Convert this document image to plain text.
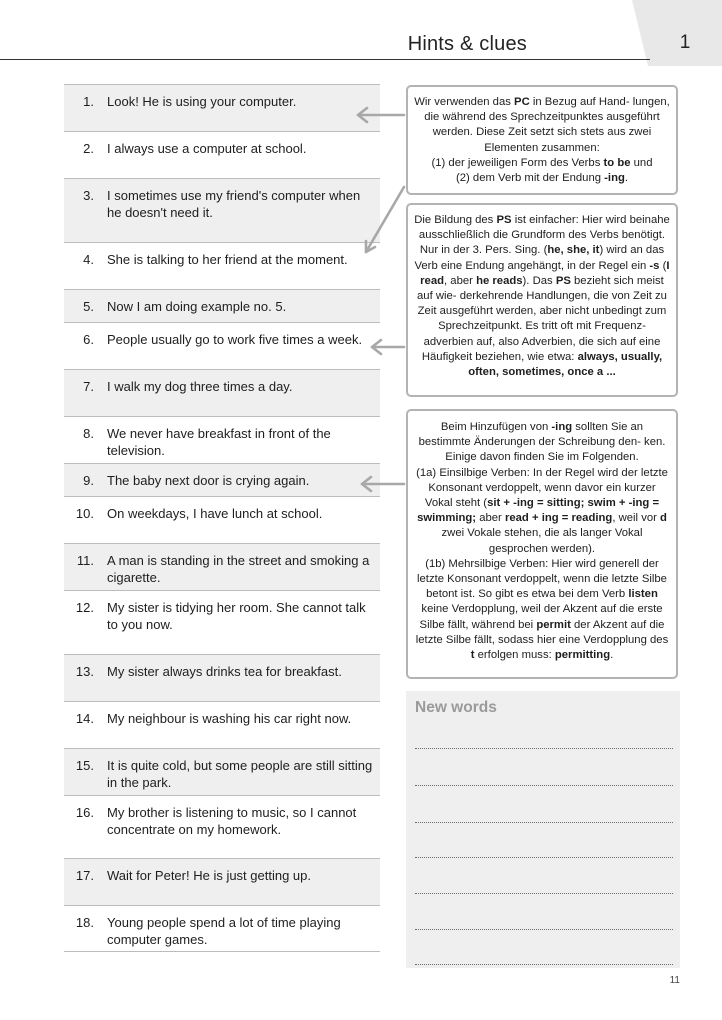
1
Hints & clues
1. Look! He is using your computer.
2. I always use a computer at school.
3. I sometimes use my friend's computer when he doesn't need it.
4. She is talking to her friend at the moment.
5. Now I am doing example no. 5.
6. People usually go to work five times a week.
7. I walk my dog three times a day.
8. We never have breakfast in front of the television.
9. The baby next door is crying again.
10. On weekdays, I have lunch at school.
11. A man is standing in the street and smoking a cigarette.
12. My sister is tidying her room. She cannot talk to you now.
13. My sister always drinks tea for breakfast.
14. My neighbour is washing his car right now.
15. It is quite cold, but some people are still sitting in the park.
16. My brother is listening to music, so I cannot concentrate on my homework.
17. Wait for Peter! He is just getting up.
18. Young people spend a lot of time playing computer games.
Wir verwenden das PC in Bezug auf Hand- lungen, die während des Sprechzeitpunktes ausgeführt werden. Diese Zeit setzt sich stets aus zwei Elementen zusammen:
(1) der jeweiligen Form des Verbs to be und
(2) dem Verb mit der Endung -ing.
Die Bildung des PS ist einfacher: Hier wird beinahe ausschließlich die Grundform des Verbs benötigt. Nur in der 3. Pers. Sing. (he, she, it) wird an das Verb eine Endung angehängt, in der Regel ein -s (I read, aber he reads). Das PS bezieht sich meist auf wie- derkehrende Handlungen, die von Zeit zu Zeit ausgeführt werden, aber nicht unbedingt zum Sprechzeitpunkt. Es tritt oft mit Frequenz- adverbien auf, also Adverbien, die sich auf eine Häufigkeit beziehen, wie etwa: always, usually, often, sometimes, once a ...
Beim Hinzufügen von -ing sollten Sie an bestimmte Änderungen der Schreibung den- ken. Einige davon finden Sie im Folgenden.
(1a) Einsilbige Verben: In der Regel wird der letzte Konsonant verdoppelt, wenn davor ein kurzer Vokal steht (sit + -ing = sitting; swim + -ing = swimming; aber read + ing = reading, weil vor d zwei Vokale stehen, die als langer Vokal gesprochen werden).
(1b) Mehrsilbige Verben: Hier wird generell der letzte Konsonant verdoppelt, wenn die letzte Silbe betont ist. So gibt es etwa bei dem Verb listen keine Verdopplung, weil der Akzent auf die erste Silbe fällt, während bei permit der Akzent auf die letzte Silbe fällt, sodass hier eine Verdopplung des t erfolgen muss: permitting.
New words
11
